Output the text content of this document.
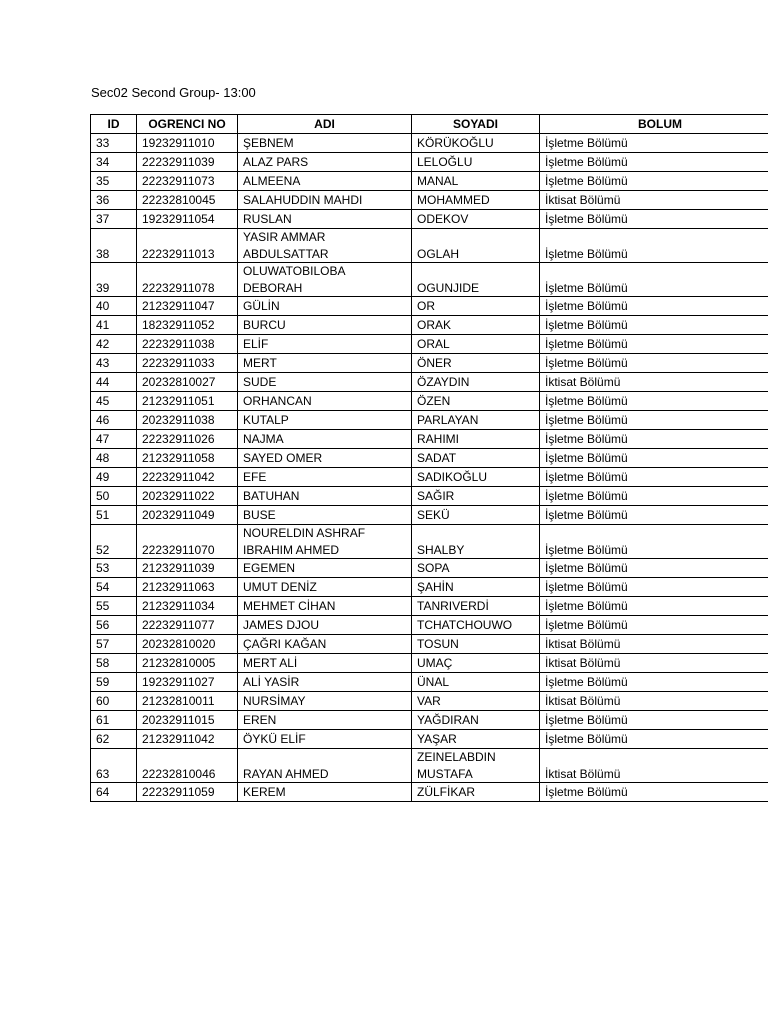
Sec02 Second Group- 13:00
ID	OGRENCI NO	ADI	SOYADI	BOLUM
33	19232911010	ŞEBNEM	KÖRÜKOĞLU	İşletme Bölümü
34	22232911039	ALAZ PARS	LELOĞLU	İşletme Bölümü
35	22232911073	ALMEENA	MANAL	İşletme Bölümü
36	22232810045	SALAHUDDIN MAHDI	MOHAMMED	İktisat Bölümü
37	19232911054	RUSLAN	ODEKOV	İşletme Bölümü
38	22232911013	YASIR AMMAR ABDULSATTAR	OGLAH	İşletme Bölümü
39	22232911078	OLUWATOBILOBA DEBORAH	OGUNJIDE	İşletme Bölümü
40	21232911047	GÜLİN	OR	İşletme Bölümü
41	18232911052	BURCU	ORAK	İşletme Bölümü
42	22232911038	ELİF	ORAL	İşletme Bölümü
43	22232911033	MERT	ÖNER	İşletme Bölümü
44	20232810027	SUDE	ÖZAYDIN	İktisat Bölümü
45	21232911051	ORHANCAN	ÖZEN	İşletme Bölümü
46	20232911038	KUTALP	PARLAYAN	İşletme Bölümü
47	22232911026	NAJMA	RAHIMI	İşletme Bölümü
48	21232911058	SAYED OMER	SADAT	İşletme Bölümü
49	22232911042	EFE	SADIKOĞLU	İşletme Bölümü
50	20232911022	BATUHAN	SAĞIR	İşletme Bölümü
51	20232911049	BUSE	SEKÜ	İşletme Bölümü
52	22232911070	NOURELDIN ASHRAF IBRAHIM AHMED	SHALBY	İşletme Bölümü
53	21232911039	EGEMEN	SOPA	İşletme Bölümü
54	21232911063	UMUT DENİZ	ŞAHİN	İşletme Bölümü
55	21232911034	MEHMET CİHAN	TANRIVERDİ	İşletme Bölümü
56	22232911077	JAMES DJOU	TCHATCHOUWO	İşletme Bölümü
57	20232810020	ÇAĞRI KAĞAN	TOSUN	İktisat Bölümü
58	21232810005	MERT ALİ	UMAÇ	İktisat Bölümü
59	19232911027	ALİ YASİR	ÜNAL	İşletme Bölümü
60	21232810011	NURSİMAY	VAR	İktisat Bölümü
61	20232911015	EREN	YAĞDIRAN	İşletme Bölümü
62	21232911042	ÖYKÜ ELİF	YAŞAR	İşletme Bölümü
63	22232810046	RAYAN AHMED	ZEINELABDIN MUSTAFA	İktisat Bölümü
64	22232911059	KEREM	ZÜLFİKAR	İşletme Bölümü
